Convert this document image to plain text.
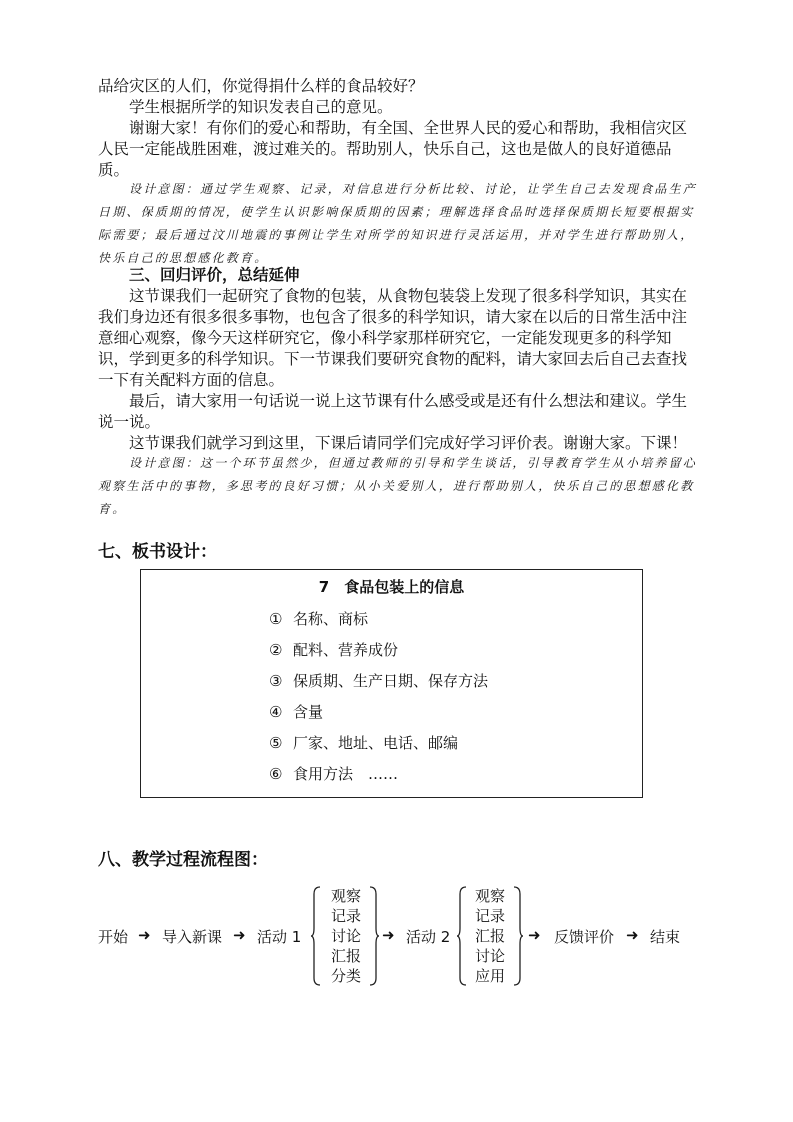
品给灾区的人们，你觉得捐什么样的食品较好？

学生根据所学的知识发表自己的意见。

谢谢大家！有你们的爱心和帮助，有全国、全世界人民的爱心和帮助，我相信灾区人民一定能战胜困难，渡过难关的。帮助别人，快乐自己，这也是做人的良好道德品质。

设计意图：通过学生观察、记录，对信息进行分析比较、讨论，让学生自己去发现食品生产日期、保质期的情况，使学生认识影响保质期的因素；理解选择食品时选择保质期长短要根据实际需要；最后通过汶川地震的事例让学生对所学的知识进行灵活运用，并对学生进行帮助别人，快乐自己的思想感化教育。

三、回归评价，总结延伸

这节课我们一起研究了食物的包装，从食物包装袋上发现了很多科学知识，其实在我们身边还有很多很多事物，也包含了很多的科学知识，请大家在以后的日常生活中注意细心观察，像今天这样研究它，像小科学家那样研究它，一定能发现更多的科学知识，学到更多的科学知识。下一节课我们要研究食物的配料，请大家回去后自己去查找一下有关配料方面的信息。

最后，请大家用一句话说一说上这节课有什么感受或是还有什么想法和建议。学生说一说。

这节课我们就学习到这里，下课后请同学们完成好学习评价表。谢谢大家。下课！

设计意图：这一个环节虽然少，但通过教师的引导和学生谈话，引导教育学生从小培养留心观察生活中的事物，多思考的良好习惯；从小关爱别人，进行帮助别人，快乐自己的思想感化教育。

七、板书设计：

7　食品包装上的信息
① 名称、商标
② 配料、营养成份
③ 保质期、生产日期、保存方法
④ 含量
⑤ 厂家、地址、电话、邮编
⑥ 食用方法　……

八、教学过程流程图：

开始 ➜ 导入新课 ➜ 活动 1
观察
记录
讨论
汇报
分类
➜ 活动 2
观察
记录
汇报
讨论
应用
➜ 反馈评价 ➜ 结束
